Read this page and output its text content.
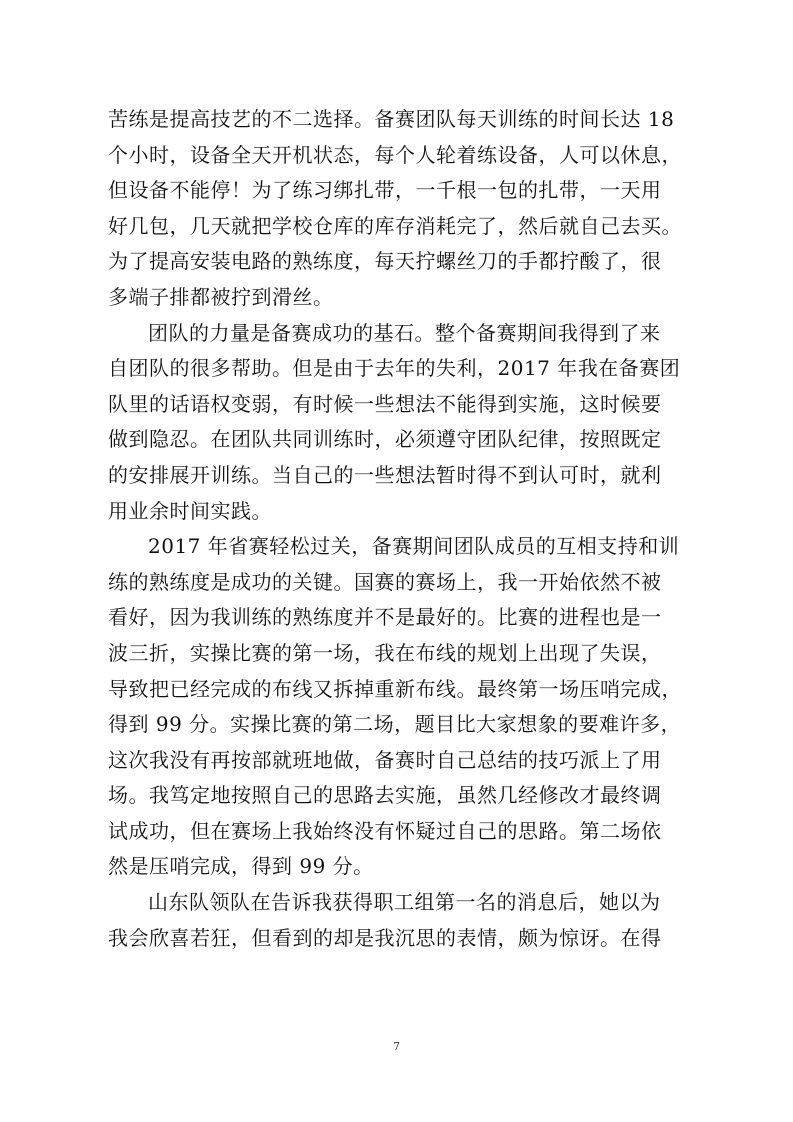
苦练是提高技艺的不二选择。备赛团队每天训练的时间长达 18
个小时，设备全天开机状态，每个人轮着练设备，人可以休息，
但设备不能停！为了练习绑扎带，一千根一包的扎带，一天用
好几包，几天就把学校仓库的库存消耗完了，然后就自己去买。
为了提高安装电路的熟练度，每天拧螺丝刀的手都拧酸了，很
多端子排都被拧到滑丝。
团队的力量是备赛成功的基石。整个备赛期间我得到了来
自团队的很多帮助。但是由于去年的失利，2017 年我在备赛团
队里的话语权变弱，有时候一些想法不能得到实施，这时候要
做到隐忍。在团队共同训练时，必须遵守团队纪律，按照既定
的安排展开训练。当自己的一些想法暂时得不到认可时，就利
用业余时间实践。
2017 年省赛轻松过关，备赛期间团队成员的互相支持和训
练的熟练度是成功的关键。国赛的赛场上，我一开始依然不被
看好，因为我训练的熟练度并不是最好的。比赛的进程也是一
波三折，实操比赛的第一场，我在布线的规划上出现了失误，
导致把已经完成的布线又拆掉重新布线。最终第一场压哨完成，
得到 99 分。实操比赛的第二场，题目比大家想象的要难许多，
这次我没有再按部就班地做，备赛时自己总结的技巧派上了用
场。我笃定地按照自己的思路去实施，虽然几经修改才最终调
试成功，但在赛场上我始终没有怀疑过自己的思路。第二场依
然是压哨完成，得到 99 分。
山东队领队在告诉我获得职工组第一名的消息后，她以为
我会欣喜若狂，但看到的却是我沉思的表情，颇为惊讶。在得
7
